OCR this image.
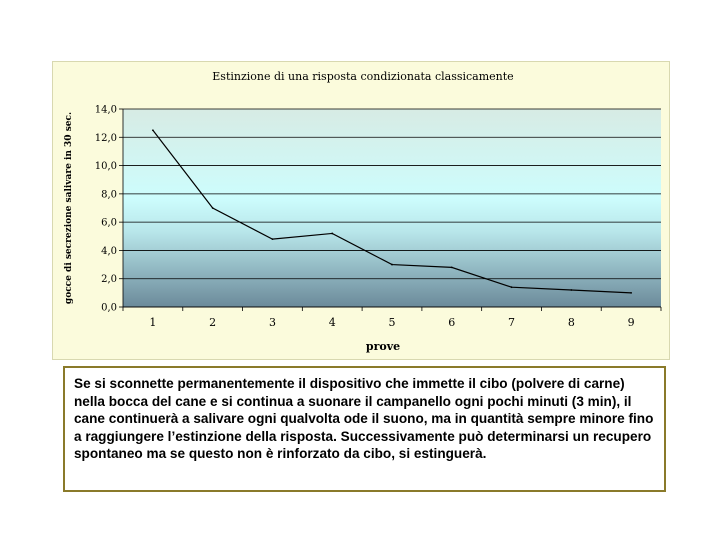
Estinzione di una risposta condizionata classicamente
0,0
2,0
4,0
6,0
8,0
10,0
12,0
14,0
1	2	3	4	5	6	7	8	9
prove
gocce di secrezione salivare in 30 sec.
Se si sconnette permanentemente il dispositivo che immette il cibo (polvere di carne) nella bocca del cane e si continua a suonare il campanello ogni pochi minuti (3 min), il cane continuerà a salivare ogni qualvolta ode il suono, ma in quantità sempre minore fino a raggiungere l’estinzione della risposta. Successivamente può determinarsi un recupero spontaneo ma se questo non è rinforzato da cibo, si estinguerà.
